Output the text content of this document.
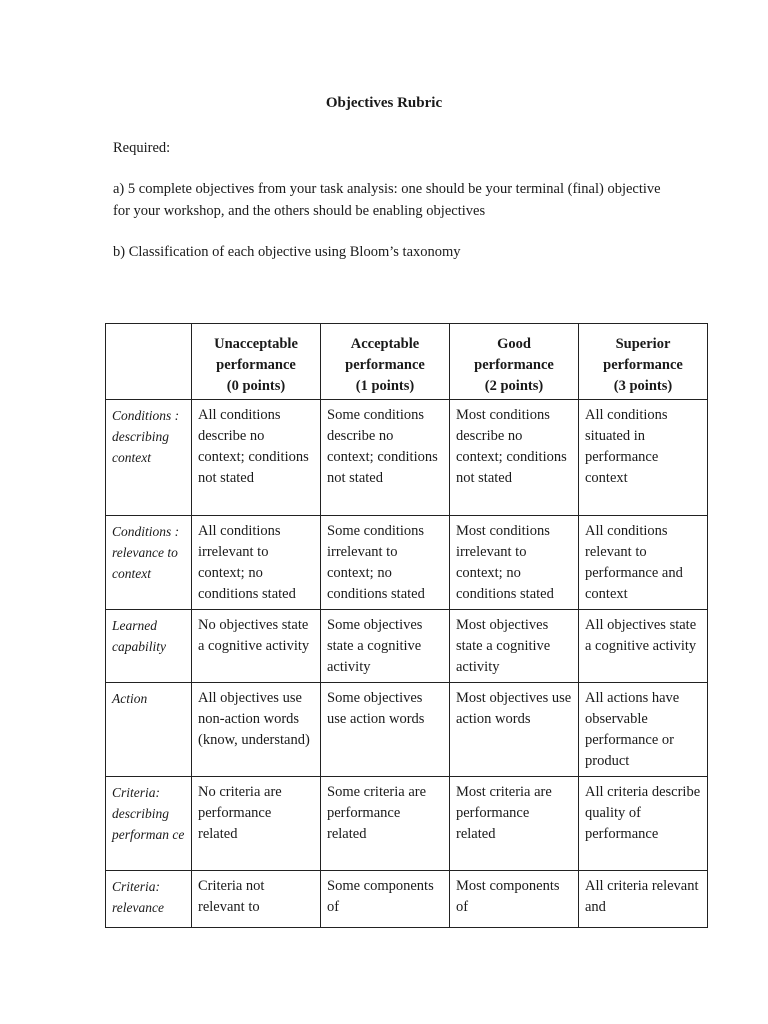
Objectives Rubric
Required:
a) 5 complete objectives from your task analysis: one should be your terminal (final) objective for your workshop, and the others should be enabling objectives
b) Classification of each objective using Bloom’s taxonomy

	Unacceptable
performance
(0 points)	Acceptable
performance
(1 points)	Good
performance
(2 points)	Superior
performance
(3 points)

Conditions : describing context	All conditions describe no context; conditions not stated	Some conditions describe no context; conditions not stated	Most conditions describe no context; conditions not stated	All conditions situated in performance context
Conditions : relevance to context	All conditions irrelevant to context; no conditions stated	Some conditions irrelevant to context; no conditions stated	Most conditions irrelevant to context; no conditions stated	All conditions relevant to performance and context
Learned capability	No objectives state a cognitive activity	Some objectives state a cognitive activity	Most objectives state a cognitive activity	All objectives state a cognitive activity
Action	All objectives use non-action words (know, understand)	Some objectives use action words	Most objectives use action words	All actions have observable performance or product
Criteria: describing performan ce	No criteria are performance related	Some criteria are performance related	Most criteria are performance related	All criteria describe quality of performance
Criteria: relevance	Criteria not relevant to	Some components of	Most components of	All criteria relevant and
